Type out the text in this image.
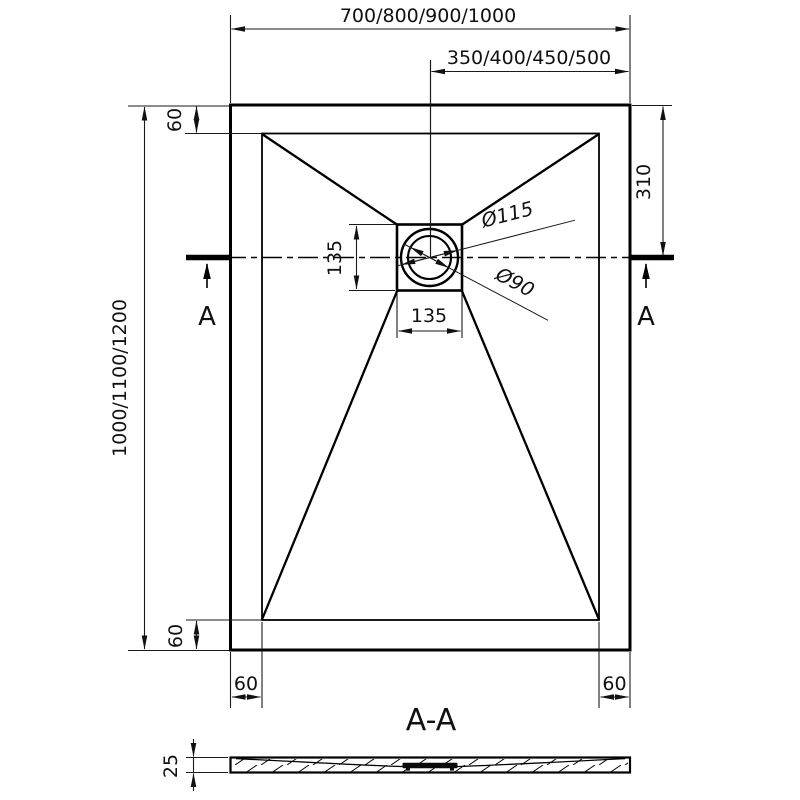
A	A
700/800/900/1000
350/400/450/500
1000/1100/1200
60
60
310
60	60
135
135
Ø115
Ø90
A-A
25
